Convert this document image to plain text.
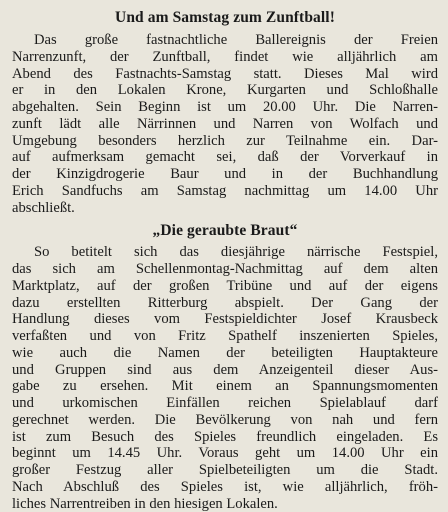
Und am Samstag zum Zunftball!
Das große fastnachtliche Ballereignis der Freien
Narrenzunft, der Zunftball, findet wie alljährlich am
Abend des Fastnachts-Samstag statt. Dieses Mal wird
er in den Lokalen Krone, Kurgarten und Schloßhalle
abgehalten. Sein Beginn ist um 20.00 Uhr. Die Narren-
zunft lädt alle Närrinnen und Narren von Wolfach und
Umgebung besonders herzlich zur Teilnahme ein. Dar-
auf aufmerksam gemacht sei, daß der Vorverkauf in
der Kinzigdrogerie Baur und in der Buchhandlung
Erich Sandfuchs am Samstag nachmittag um 14.00 Uhr
abschließt.
„Die geraubte Braut“
So betitelt sich das diesjährige närrische Festspiel,
das sich am Schellenmontag-Nachmittag auf dem alten
Marktplatz, auf der großen Tribüne und auf der eigens
dazu erstellten Ritterburg abspielt. Der Gang der
Handlung dieses vom Festspieldichter Josef Krausbeck
verfaßten und von Fritz Spathelf inszenierten Spieles,
wie auch die Namen der beteiligten Hauptakteure
und Gruppen sind aus dem Anzeigenteil dieser Aus-
gabe zu ersehen. Mit einem an Spannungsmomenten
und urkomischen Einfällen reichen Spielablauf darf
gerechnet werden. Die Bevölkerung von nah und fern
ist zum Besuch des Spieles freundlich eingeladen. Es
beginnt um 14.45 Uhr. Voraus geht um 14.00 Uhr ein
großer Festzug aller Spielbeteiligten um die Stadt.
Nach Abschluß des Spieles ist, wie alljährlich, fröh-
liches Narrentreiben in den hiesigen Lokalen.
